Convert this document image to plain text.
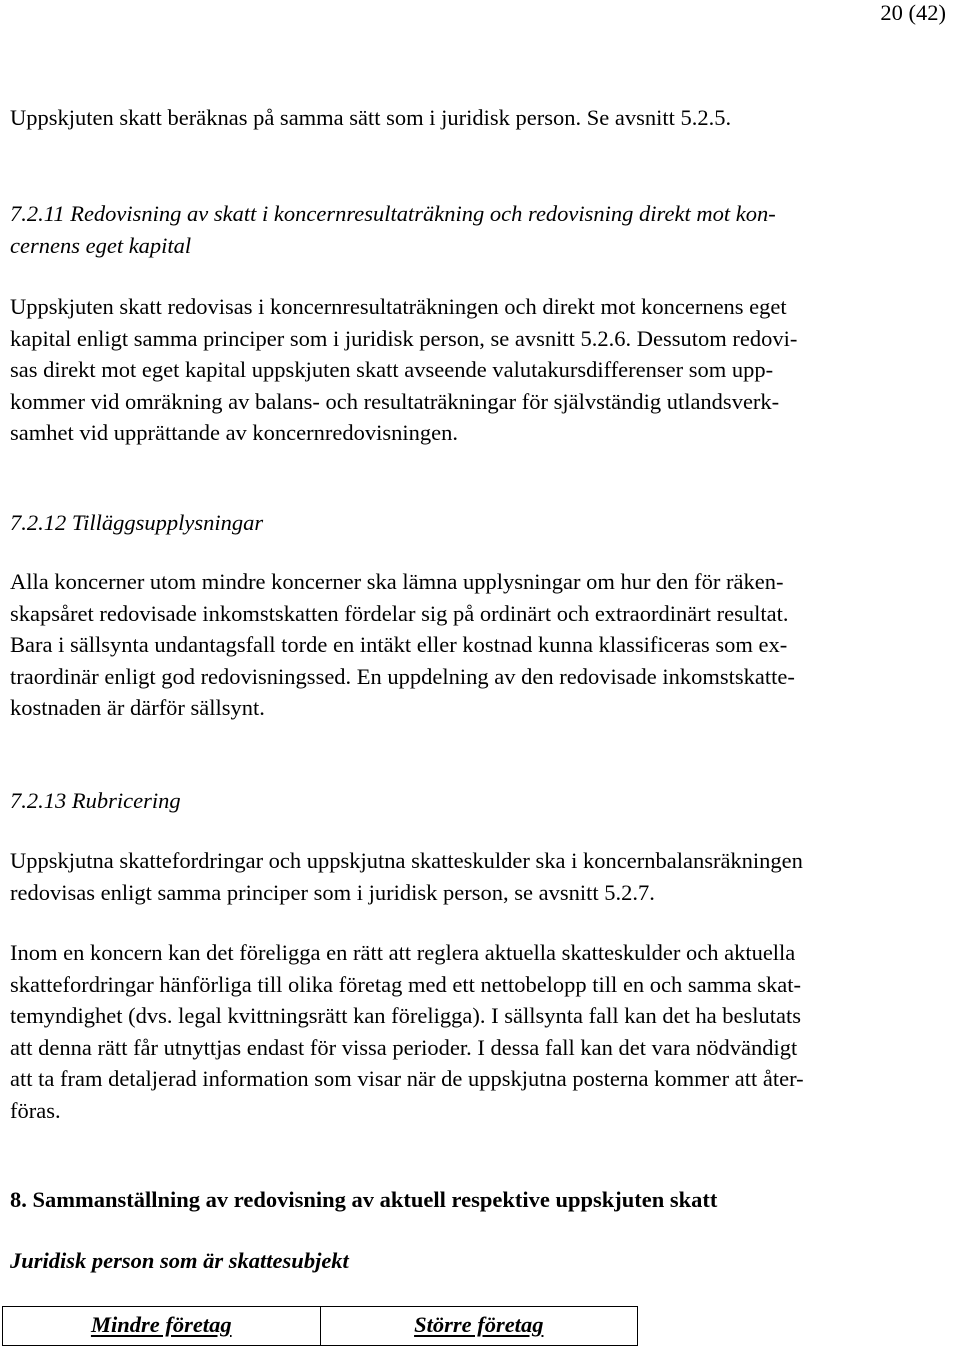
20 (42)

Uppskjuten skatt beräknas på samma sätt som i juridisk person. Se avsnitt 5.2.5.

7.2.11 Redovisning av skatt i koncernresultaträkning och redovisning direkt mot kon-
cernens eget kapital

Uppskjuten skatt redovisas i koncernresultaträkningen och direkt mot koncernens eget
kapital enligt samma principer som i juridisk person, se avsnitt 5.2.6. Dessutom redovi-
sas direkt mot eget kapital uppskjuten skatt avseende valutakursdifferenser som upp-
kommer vid omräkning av balans- och resultaträkningar för självständig utlandsverk-
samhet vid upprättande av koncernredovisningen.

7.2.12 Tilläggsupplysningar

Alla koncerner utom mindre koncerner ska lämna upplysningar om hur den för räken-
skapsåret redovisade inkomstskatten fördelar sig på ordinärt och extraordinärt resultat.
Bara i sällsynta undantagsfall torde en intäkt eller kostnad kunna klassificeras som ex-
traordinär enligt god redovisningssed. En uppdelning av den redovisade inkomstskatte-
kostnaden är därför sällsynt.

7.2.13 Rubricering

Uppskjutna skattefordringar och uppskjutna skatteskulder ska i koncernbalansräkningen
redovisas enligt samma principer som i juridisk person, se avsnitt 5.2.7.

Inom en koncern kan det föreligga en rätt att reglera aktuella skatteskulder och aktuella
skattefordringar hänförliga till olika företag med ett nettobelopp till en och samma skat-
temyndighet (dvs. legal kvittningsrätt kan föreligga). I sällsynta fall kan det ha beslutats
att denna rätt får utnyttjas endast för vissa perioder. I dessa fall kan det vara nödvändigt
att ta fram detaljerad information som visar när de uppskjutna posterna kommer att åter-
föras.

8. Sammanställning av redovisning av aktuell respektive uppskjuten skatt
Juridisk person som är skattesubjekt
Mindre företag	Större företag
